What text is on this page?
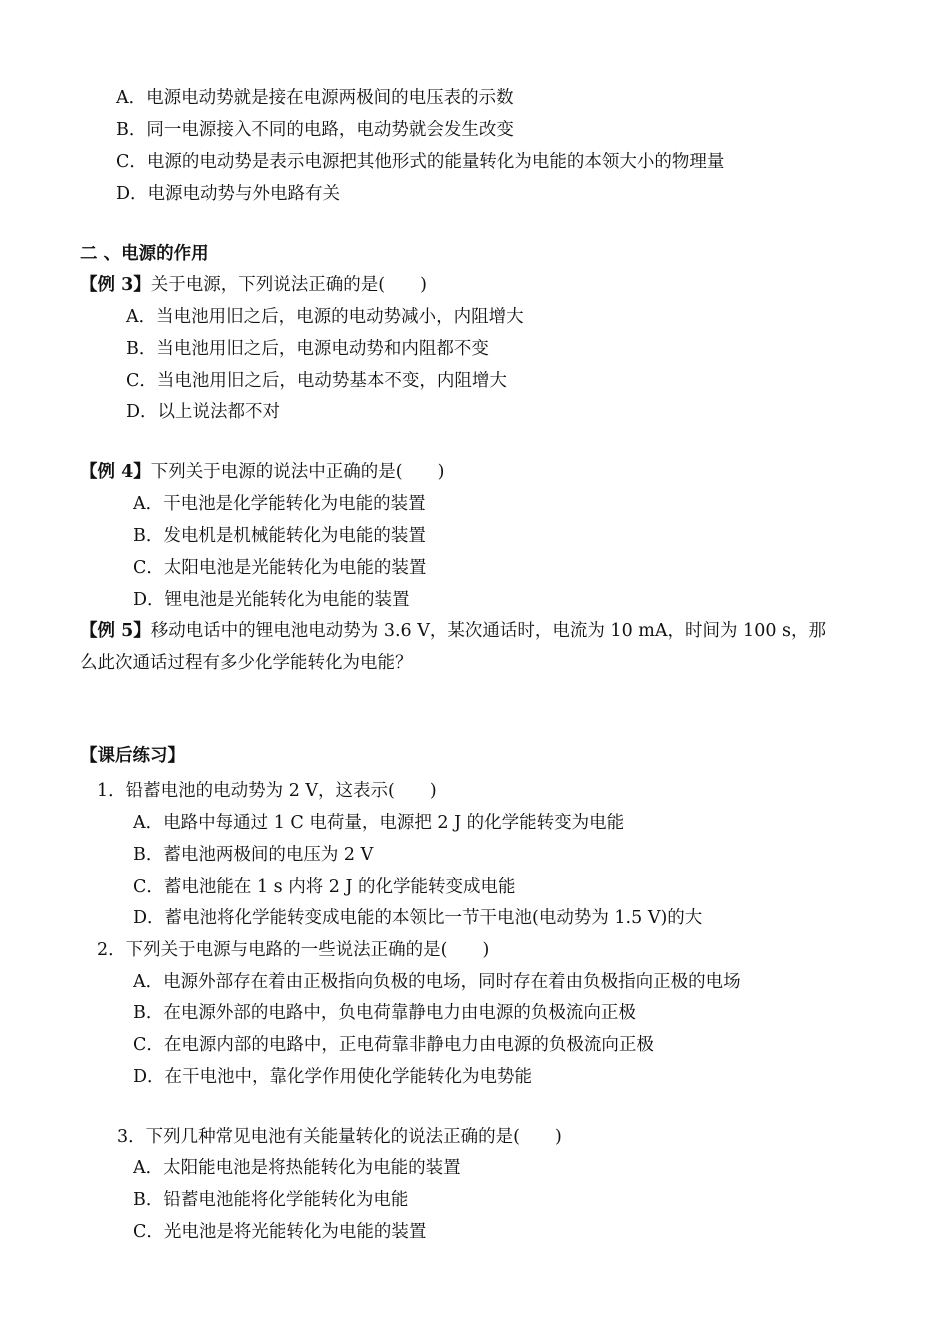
A．电源电动势就是接在电源两极间的电压表的示数
B．同一电源接入不同的电路，电动势就会发生改变
C．电源的电动势是表示电源把其他形式的能量转化为电能的本领大小的物理量
D．电源电动势与外电路有关
二 、电源的作用
【例 3】关于电源，下列说法正确的是(　　)
A．当电池用旧之后，电源的电动势减小，内阻增大
B．当电池用旧之后，电源电动势和内阻都不变
C．当电池用旧之后，电动势基本不变，内阻增大
D．以上说法都不对
【例 4】下列关于电源的说法中正确的是(　　)
A．干电池是化学能转化为电能的装置
B．发电机是机械能转化为电能的装置
C．太阳电池是光能转化为电能的装置
D．锂电池是光能转化为电能的装置
【例 5】移动电话中的锂电池电动势为 3.6 V，某次通话时，电流为 10 mA，时间为 100 s，那
么此次通话过程有多少化学能转化为电能？
【课后练习】
1．铅蓄电池的电动势为 2 V，这表示(　　)
A．电路中每通过 1 C 电荷量，电源把 2 J 的化学能转变为电能
B．蓄电池两极间的电压为 2 V
C．蓄电池能在 1 s 内将 2 J 的化学能转变成电能
D．蓄电池将化学能转变成电能的本领比一节干电池(电动势为 1.5 V)的大
2．下列关于电源与电路的一些说法正确的是(　　)
A．电源外部存在着由正极指向负极的电场，同时存在着由负极指向正极的电场
B．在电源外部的电路中，负电荷靠静电力由电源的负极流向正极
C．在电源内部的电路中，正电荷靠非静电力由电源的负极流向正极
D．在干电池中，靠化学作用使化学能转化为电势能
3．下列几种常见电池有关能量转化的说法正确的是(　　)
A．太阳能电池是将热能转化为电能的装置
B．铅蓄电池能将化学能转化为电能
C．光电池是将光能转化为电能的装置
